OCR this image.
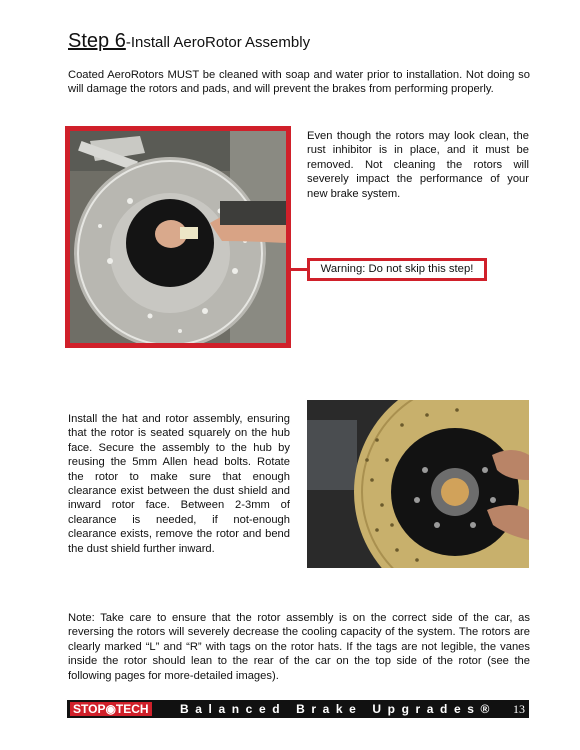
Step 6-Install AeroRotor Assembly
Coated AeroRotors MUST be cleaned with soap and water prior to installation. Not doing so will damage the rotors and pads, and will prevent the brakes from performing properly.
Even though the rotors may look clean, the rust inhibitor is in place, and it must be removed. Not cleaning the rotors will severely impact the performance of your new brake system.
Warning: Do not skip this step!
Install the hat and rotor assembly, ensuring that the rotor is seated squarely on the hub face. Secure the assembly to the hub by reusing the 5mm Allen head bolts. Rotate the rotor to make sure that enough clearance exist between the dust shield and inward rotor face. Between 2-3mm of clearance is needed, if not-enough clearance exists, remove the rotor and bend the dust shield further inward.
Note: Take care to ensure that the rotor assembly is on the correct side of the car, as reversing the rotors will severely decrease the cooling capacity of the system. The rotors are clearly marked “L” and “R” with tags on the rotor hats. If the tags are not legible, the vanes inside the rotor should lean to the rear of the car on the top side of the rotor (see the following pages for more-detailed images).
STOP◉TECH	Balanced Brake Upgrades® 13
